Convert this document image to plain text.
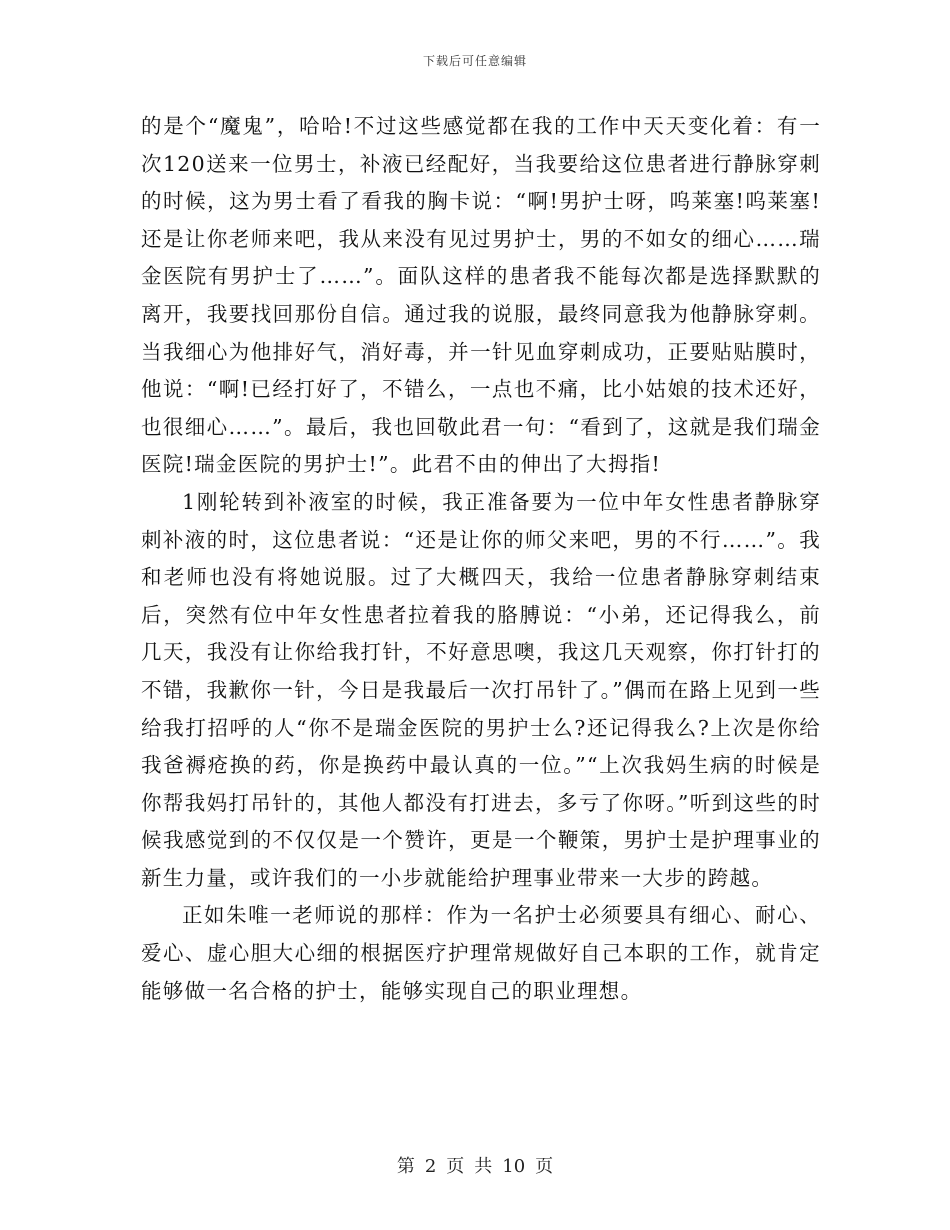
下载后可任意编辑

的是个“魔鬼”，哈哈!不过这些感觉都在我的工作中天天变化着：有一次120送来一位男士，补液已经配好，当我要给这位患者进行静脉穿刺的时候，这为男士看了看我的胸卡说：“啊!男护士呀，呜莱塞!呜莱塞!还是让你老师来吧，我从来没有见过男护士，男的不如女的细心……瑞金医院有男护士了……”。面队这样的患者我不能每次都是选择默默的离开，我要找回那份自信。通过我的说服，最终同意我为他静脉穿刺。当我细心为他排好气，消好毒，并一针见血穿刺成功，正要贴贴膜时，他说：“啊!已经打好了，不错么，一点也不痛，比小姑娘的技术还好，也很细心……”。最后，我也回敬此君一句：“看到了，这就是我们瑞金医院!瑞金医院的男护士!”。此君不由的伸出了大拇指!

1刚轮转到补液室的时候，我正准备要为一位中年女性患者静脉穿刺补液的时，这位患者说：“还是让你的师父来吧，男的不行……”。我和老师也没有将她说服。过了大概四天，我给一位患者静脉穿刺结束后，突然有位中年女性患者拉着我的胳膊说：“小弟，还记得我么，前几天，我没有让你给我打针，不好意思噢，我这几天观察，你打针打的不错，我歉你一针，今日是我最后一次打吊针了。”偶而在路上见到一些给我打招呼的人“你不是瑞金医院的男护士么?还记得我么?上次是你给我爸褥疮换的药，你是换药中最认真的一位。”“上次我妈生病的时候是你帮我妈打吊针的，其他人都没有打进去，多亏了你呀。”听到这些的时候我感觉到的不仅仅是一个赞许，更是一个鞭策，男护士是护理事业的新生力量，或许我们的一小步就能给护理事业带来一大步的跨越。

正如朱唯一老师说的那样：作为一名护士必须要具有细心、耐心、爱心、虚心胆大心细的根据医疗护理常规做好自己本职的工作，就肯定能够做一名合格的护士，能够实现自己的职业理想。

第 2 页 共 10 页
